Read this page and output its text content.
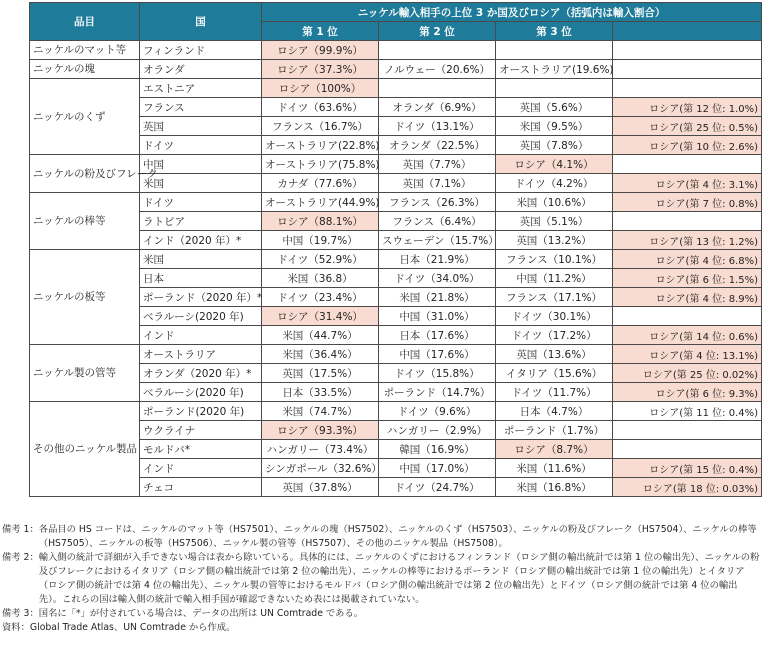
品目	国	ニッケル輸入相手の上位 3 か国及びロシア（括弧内は輸入割合）			
		第 1 位	第 2 位	第 3 位	
ニッケルのマット等	フィンランド	ロシア（99.9%）			
ニッケルの塊	オランダ	ロシア（37.3%）	ノルウェー（20.6%）	オーストラリア(19.6%)	
ニッケルのくず	エストニア	ロシア（100%）			
	フランス	ドイツ（63.6%）	オランダ（6.9%）	英国（5.6%）	ロシア(第 12 位: 1.0%)
	英国	フランス（16.7%）	ドイツ（13.1%）	米国（9.5%）	ロシア(第 25 位: 0.5%)
	ドイツ	オーストラリア(22.8%)	オランダ（22.5%）	英国（7.8%）	ロシア(第 10 位: 2.6%)
ニッケルの粉及びフレーク	中国	オーストラリア(75.8%)	英国（7.7%）	ロシア（4.1%）	
	米国	カナダ（77.6%）	英国（7.1%）	ドイツ（4.2%）	ロシア(第 4 位: 3.1%)
ニッケルの棒等	ドイツ	オーストラリア(44.9%)	フランス（26.3%）	米国（10.6%）	ロシア(第 7 位: 0.8%)
	ラトビア	ロシア（88.1%）	フランス（6.4%）	英国（5.1%）	
	インド（2020 年）*	中国（19.7%）	スウェーデン（15.7%）	英国（13.2%）	ロシア(第 13 位: 1.2%)
ニッケルの板等	米国	ドイツ（52.9%）	日本（21.9%）	フランス（10.1%）	ロシア(第 4 位: 6.8%)
	日本	米国（36.8）	ドイツ（34.0%）	中国（11.2%）	ロシア(第 6 位: 1.5%)
	ポーランド（2020 年）*	ドイツ（23.4%）	米国（21.8%）	フランス（17.1%）	ロシア(第 4 位: 8.9%)
	ベラルーシ(2020 年)	ロシア（31.4%）	中国（31.0%）	ドイツ（30.1%）	
	インド	米国（44.7%）	日本（17.6%）	ドイツ（17.2%）	ロシア(第 14 位: 0.6%)
ニッケル製の管等	オーストラリア	米国（36.4%）	中国（17.6%）	英国（13.6%）	ロシア(第 4 位: 13.1%)
	オランダ（2020 年）*	英国（17.5%）	ドイツ（15.8%）	イタリア（15.6%）	ロシア(第 25 位: 0.02%)
	ベラルーシ(2020 年)	日本（33.5%）	ポーランド（14.7%）	ドイツ（11.7%）	ロシア(第 6 位: 9.3%)
その他のニッケル製品	ポーランド(2020 年)	米国（74.7%）	ドイツ（9.6%）	日本（4.7%）	ロシア(第 11 位: 0.4%)
	ウクライナ	ロシア（93.3%）	ハンガリー（2.9%）	ポーランド（1.7%）	
	モルドバ*	ハンガリー（73.4%）	韓国（16.9%）	ロシア（8.7%）	
	インド	シンガポール（32.6%）	中国（17.0%）	米国（11.6%）	ロシア(第 15 位: 0.4%)
	チェコ	英国（37.8%）	ドイツ（24.7%）	米国（16.8%）	ロシア(第 18 位: 0.03%)
備考 1： 各品目の HS コードは、ニッケルのマット等（HS7501）、ニッケルの塊（HS7502）、ニッケルのくず（HS7503）、ニッケルの粉及びフレーク（HS7504）、ニッケルの棒等（HS7505）、ニッケルの板等（HS7506）、ニッケル製の管等（HS7507）、その他のニッケル製品（HS7508）。
備考 2： 輸入側の統計で詳細が入手できない場合は表から除いている。具体的には、ニッケルのくずにおけるフィンランド（ロシア側の輸出統計では第 1 位の輸出先）、ニッケルの粉及びフレークにおけるイタリア（ロシア側の輸出統計では第 2 位の輸出先）、ニッケルの棒等におけるポーランド（ロシア側の輸出統計では第 1 位の輸出先）とイタリア（ロシア側の統計では第 4 位の輸出先）、ニッケル製の管等におけるモルドバ（ロシア側の輸出統計では第 2 位の輸出先）とドイツ（ロシア側の統計では第 4 位の輸出先）。これらの国は輸入側の統計で輸入相手国が確認できないため表には掲載されていない。
備考 3： 国名に「*」が付されている場合は、データの出所は UN Comtrade である。
資料： Global Trade Atlas、UN Comtrade から作成。
